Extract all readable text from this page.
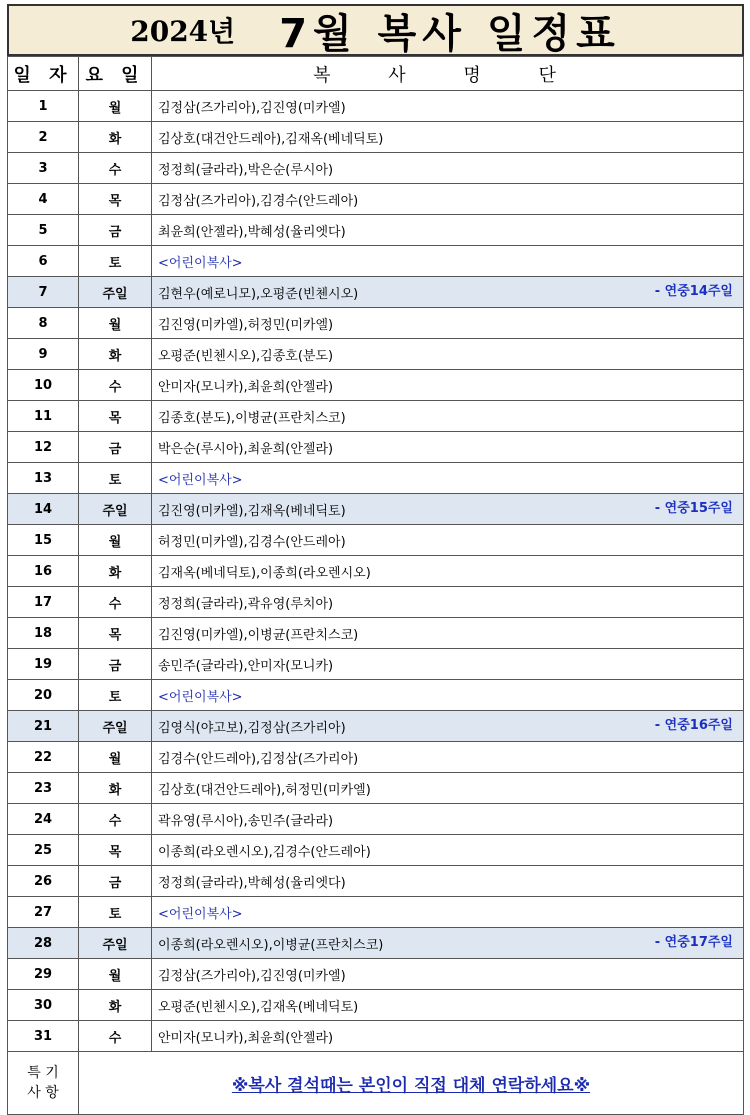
2024년 7월 복사 일정표
일 자	요 일	복 사 명 단
1	월	김정삼(즈가리아),김진영(미카엘)
2	화	김상호(대건안드레아),김재옥(베네딕토)
3	수	정정희(글라라),박은순(루시아)
4	목	김정삼(즈가리아),김경수(안드레아)
5	금	최윤희(안젤라),박혜성(율리엣다)
6	토	<어린이복사>
7	주일	김현우(예로니모),오평준(빈첸시오) - 연중14주일

8	월	김진영(미카엘),허정민(미카엘)
9	화	오평준(빈첸시오),김종호(분도)
10	수	안미자(모니카),최윤희(안젤라)
11	목	김종호(분도),이병균(프란치스코)
12	금	박은순(루시아),최윤희(안젤라)
13	토	<어린이복사>
14	주일	김진영(미카엘),김재옥(베네딕토) - 연중15주일

15	월	허정민(미카엘),김경수(안드레아)
16	화	김재옥(베네딕토),이종희(라오렌시오)
17	수	정정희(글라라),곽유영(루치아)
18	목	김진영(미카엘),이병균(프란치스코)
19	금	송민주(글라라),안미자(모니카)
20	토	<어린이복사>
21	주일	김영식(야고보),김정삼(즈가리아) - 연중16주일

22	월	김경수(안드레아),김정삼(즈가리아)
23	화	김상호(대건안드레아),허정민(미카엘)
24	수	곽유영(루시아),송민주(글라라)
25	목	이종희(라오렌시오),김경수(안드레아)
26	금	정정희(글라라),박혜성(율리엣다)
27	토	<어린이복사>
28	주일	이종희(라오렌시오),이병균(프란치스코) - 연중17주일

29	월	김정삼(즈가리아),김진영(미카엘)
30	화	오평준(빈첸시오),김재옥(베네딕토)
31	수	안미자(모니카),최윤희(안젤라)

특 기
사 항	※복사 결석때는 본인이 직접 대체 연락하세요※	
